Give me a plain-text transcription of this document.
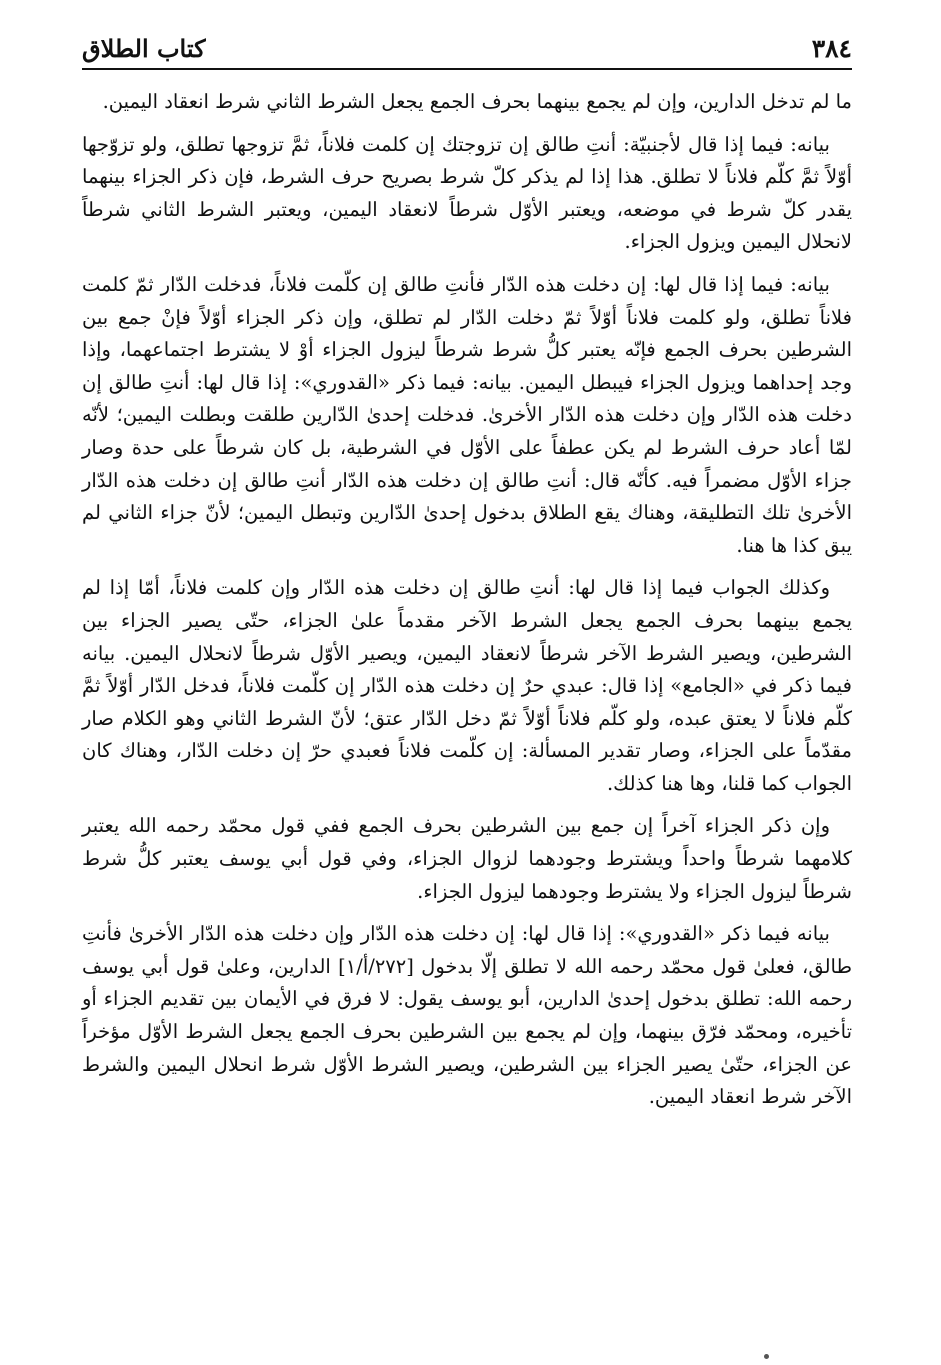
٣٨٤
كتاب الطلاق

ما لم تدخل الدارين، وإن لم يجمع بينهما بحرف الجمع يجعل الشرط الثاني شرط انعقاد اليمين.

بيانه: فيما إذا قال لأجنبيّة: أنتِ طالق إن تزوجتك إن كلمت فلاناً، ثمَّ تزوجها تطلق، ولو تزوّجها أوّلاً ثمَّ كلّم فلاناً لا تطلق. هذا إذا لم يذكر كلّ شرط بصريح حرف الشرط، فإن ذكر الجزاء بينهما يقدر كلّ شرط في موضعه، ويعتبر الأوّل شرطاً لانعقاد اليمين، ويعتبر الشرط الثاني شرطاً لانحلال اليمين ويزول الجزاء.

بيانه: فيما إذا قال لها: إن دخلت هذه الدّار فأنتِ طالق إن كلّمت فلاناً، فدخلت الدّار ثمّ كلمت فلاناً تطلق، ولو كلمت فلاناً أوّلاً ثمّ دخلت الدّار لم تطلق، وإن ذكر الجزاء أوّلاً فإنْ جمع بين الشرطين بحرف الجمع فإنّه يعتبر كلُّ شرط شرطاً ليزول الجزاء أوْ لا يشترط اجتماعهما، وإذا وجد إحداهما ويزول الجزاء فيبطل اليمين. بيانه: فيما ذكر «القدوري»: إذا قال لها: أنتِ طالق إن دخلت هذه الدّار وإن دخلت هذه الدّار الأخرىٰ. فدخلت إحدىٰ الدّارين طلقت وبطلت اليمين؛ لأنّه لمّا أعاد حرف الشرط لم يكن عطفاً على الأوّل في الشرطية، بل كان شرطاً على حدة وصار جزاء الأوّل مضمراً فيه. كأنّه قال: أنتِ طالق إن دخلت هذه الدّار أنتِ طالق إن دخلت هذه الدّار الأخرىٰ تلك التطليقة، وهناك يقع الطلاق بدخول إحدىٰ الدّارين وتبطل اليمين؛ لأنّ جزاء الثاني لم يبق كذا ها هنا.

وكذلك الجواب فيما إذا قال لها: أنتِ طالق إن دخلت هذه الدّار وإن كلمت فلاناً، أمّا إذا لم يجمع بينهما بحرف الجمع يجعل الشرط الآخر مقدماً علىٰ الجزاء، حتّى يصير الجزاء بين الشرطين، ويصير الشرط الآخر شرطاً لانعقاد اليمين، ويصير الأوّل شرطاً لانحلال اليمين. بيانه فيما ذكر في «الجامع» إذا قال: عبدي حرٌ إن دخلت هذه الدّار إن كلّمت فلاناً، فدخل الدّار أوّلاً ثمَّ كلّم فلاناً لا يعتق عبده، ولو كلّم فلاناً أوّلاً ثمّ دخل الدّار عتق؛ لأنّ الشرط الثاني وهو الكلام صار مقدّماً على الجزاء، وصار تقدير المسألة: إن كلّمت فلاناً فعبدي حرّ إن دخلت الدّار، وهناك كان الجواب كما قلنا، وها هنا كذلك.

وإن ذكر الجزاء آخراً إن جمع بين الشرطين بحرف الجمع ففي قول محمّد رحمه الله يعتبر كلامهما شرطاً واحداً ويشترط وجودهما لزوال الجزاء، وفي قول أبي يوسف يعتبر كلُّ شرط شرطاً ليزول الجزاء ولا يشترط وجودهما ليزول الجزاء.

بيانه فيما ذكر «القدوري»: إذا قال لها: إن دخلت هذه الدّار وإن دخلت هذه الدّار الأخرىٰ فأنتِ طالق، فعلىٰ قول محمّد رحمه الله لا تطلق إلّا بدخول [٢٧٢/أ/١] الدارين، وعلىٰ قول أبي يوسف رحمه الله: تطلق بدخول إحدىٰ الدارين، أبو يوسف يقول: لا فرق في الأيمان بين تقديم الجزاء أو تأخيره، ومحمّد فرّق بينهما، وإن لم يجمع بين الشرطين بحرف الجمع يجعل الشرط الأوّل مؤخراً عن الجزاء، حتّىٰ يصير الجزاء بين الشرطين، ويصير الشرط الأوّل شرط انحلال اليمين والشرط الآخر شرط انعقاد اليمين.
